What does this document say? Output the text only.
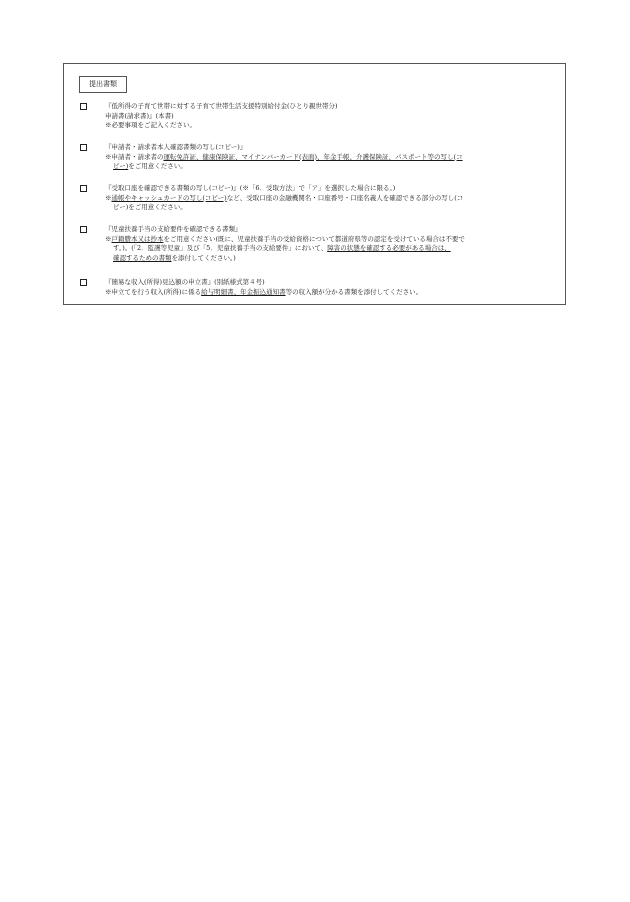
提出書類
『低所得の子育て世帯に対する子育て世帯生活支援特別給付金(ひとり親世帯分)
申請書(請求書)』(本書)
※必要事項をご記入ください。
『申請者・請求者本人確認書類の写し(コピー)』
※申請者・請求者の運転免許証、健康保険証、マイナンバーカード(表面)、年金手帳、介護保険証、パスポート等の写し(コ
ピー)をご用意ください。
『受取口座を確認できる書類の写し(コピー)』(※「6．受取方法」で「ア」を選択した場合に限る。)
※通帳やキャッシュカードの写し(コピー)など、受取口座の金融機関名・口座番号・口座名義人を確認できる部分の写し(コ
ピー)をご用意ください。
『児童扶養手当の支給要件を確認できる書類』
※戸籍謄本又は抄本をご用意ください(既に、児童扶養手当の受給資格について都道府県等の認定を受けている場合は不要で
す。)。(「2．監護等児童」及び「5．児童扶養手当の支給要件」において、障害の状態を確認する必要がある場合は、
確認するための書類を添付してください。)
『簡易な収入(所得)見込額の申立書』(別紙様式第４号)
※申立てを行う収入(所得)に係る給与明細書、年金振込通知書等の収入額が分かる書類を添付してください。
